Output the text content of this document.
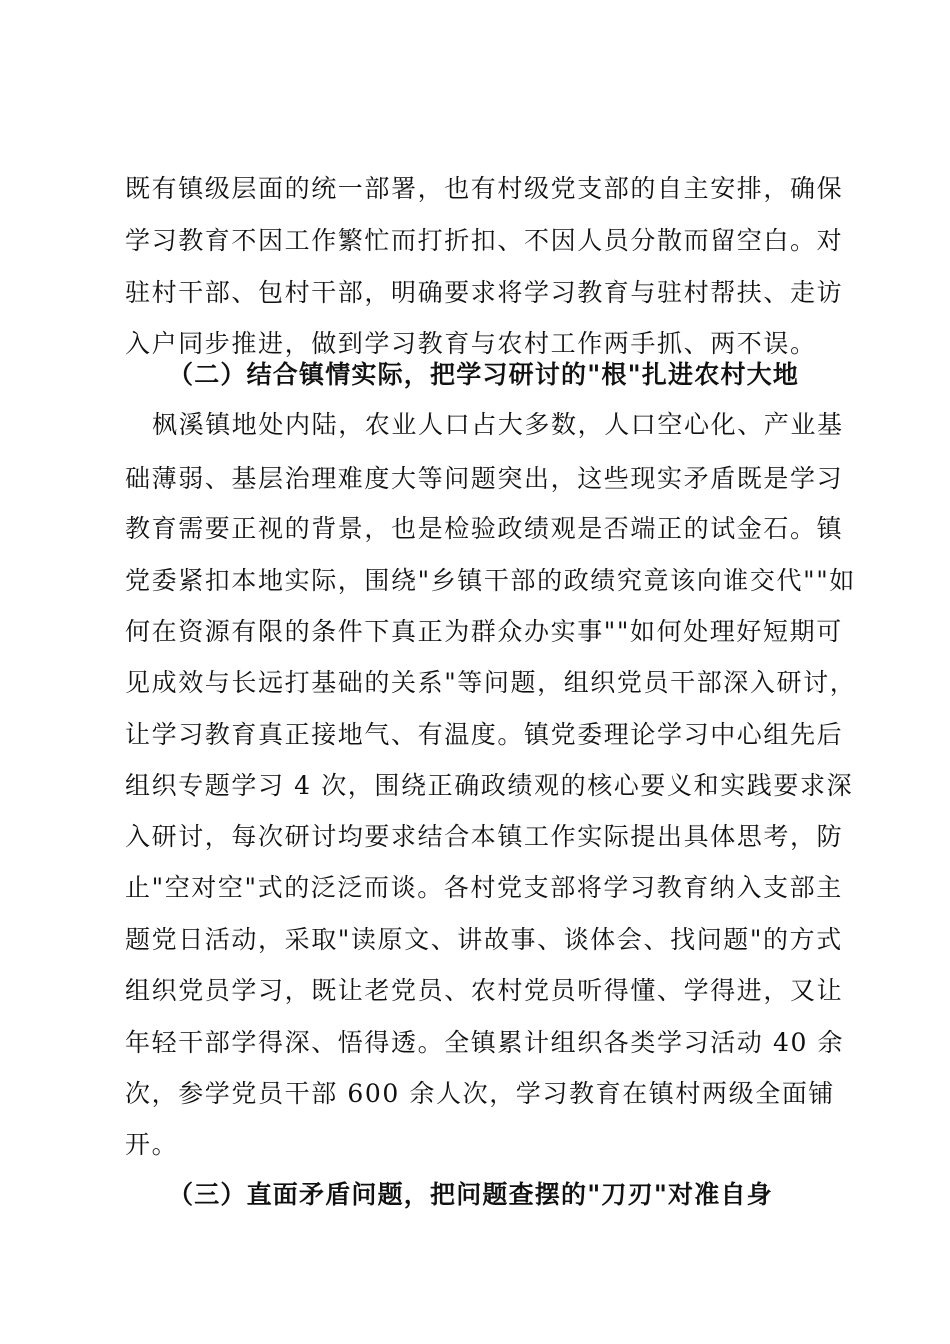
既有镇级层面的统一部署，也有村级党支部的自主安排，确保
学习教育不因工作繁忙而打折扣、不因人员分散而留空白。对
驻村干部、包村干部，明确要求将学习教育与驻村帮扶、走访
入户同步推进，做到学习教育与农村工作两手抓、两不误。
（二）结合镇情实际，把学习研讨的"根"扎进农村大地
枫溪镇地处内陆，农业人口占大多数，人口空心化、产业基
础薄弱、基层治理难度大等问题突出，这些现实矛盾既是学习
教育需要正视的背景，也是检验政绩观是否端正的试金石。镇
党委紧扣本地实际，围绕"乡镇干部的政绩究竟该向谁交代""如
何在资源有限的条件下真正为群众办实事""如何处理好短期可
见成效与长远打基础的关系"等问题，组织党员干部深入研讨，
让学习教育真正接地气、有温度。镇党委理论学习中心组先后
组织专题学习 4 次，围绕正确政绩观的核心要义和实践要求深
入研讨，每次研讨均要求结合本镇工作实际提出具体思考，防
止"空对空"式的泛泛而谈。各村党支部将学习教育纳入支部主
题党日活动，采取"读原文、讲故事、谈体会、找问题"的方式
组织党员学习，既让老党员、农村党员听得懂、学得进，又让
年轻干部学得深、悟得透。全镇累计组织各类学习活动 40 余
次，参学党员干部 600 余人次，学习教育在镇村两级全面铺
开。
（三）直面矛盾问题，把问题查摆的"刀刃"对准自身
